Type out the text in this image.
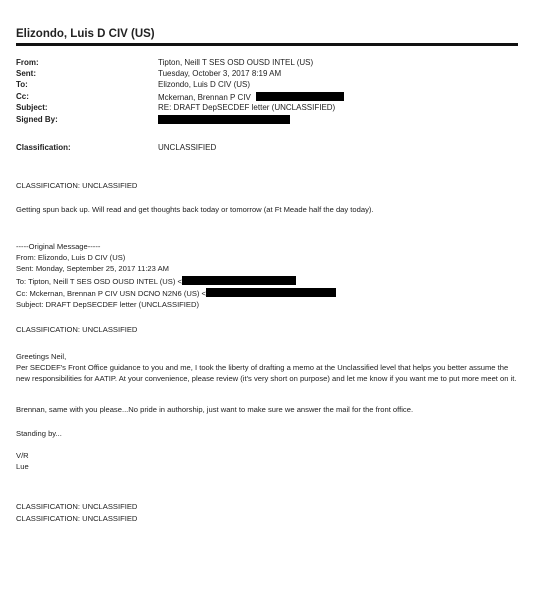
Elizondo, Luis D CIV (US)
From:	Tipton, Neill T SES OSD OUSD INTEL (US)
Sent:	Tuesday, October 3, 2017 8:19 AM
To:	Elizondo, Luis D CIV (US)
Cc:	Mckernan, Brennan P CIV
Subject:	RE: DRAFT DepSECDEF letter (UNCLASSIFIED)
Signed By:
Classification:	UNCLASSIFIED
CLASSIFICATION: UNCLASSIFIED
Getting spun back up. Will read and get thoughts back today or tomorrow (at Ft Meade half the day today).
-----Original Message-----
From: Elizondo, Luis D CIV (US)
Sent: Monday, September 25, 2017 11:23 AM
To: Tipton, Neill T SES OSD OUSD INTEL (US) <
Cc: Mckernan, Brennan P CIV USN DCNO N2N6 (US) <
Subject: DRAFT DepSECDEF letter (UNCLASSIFIED)
CLASSIFICATION: UNCLASSIFIED
Greetings Neil,
Per SECDEF's Front Office guidance to you and me, I took the liberty of drafting a memo at the Unclassified level that helps you better assume the new responsibilities for AATIP. At your convenience, please review (it's very short on purpose) and let me know if you want me to put more meet on it.
Brennan, same with you please...No pride in authorship, just want to make sure we answer the mail for the front office.
Standing by...
V/R
Lue
CLASSIFICATION: UNCLASSIFIED
CLASSIFICATION: UNCLASSIFIED
